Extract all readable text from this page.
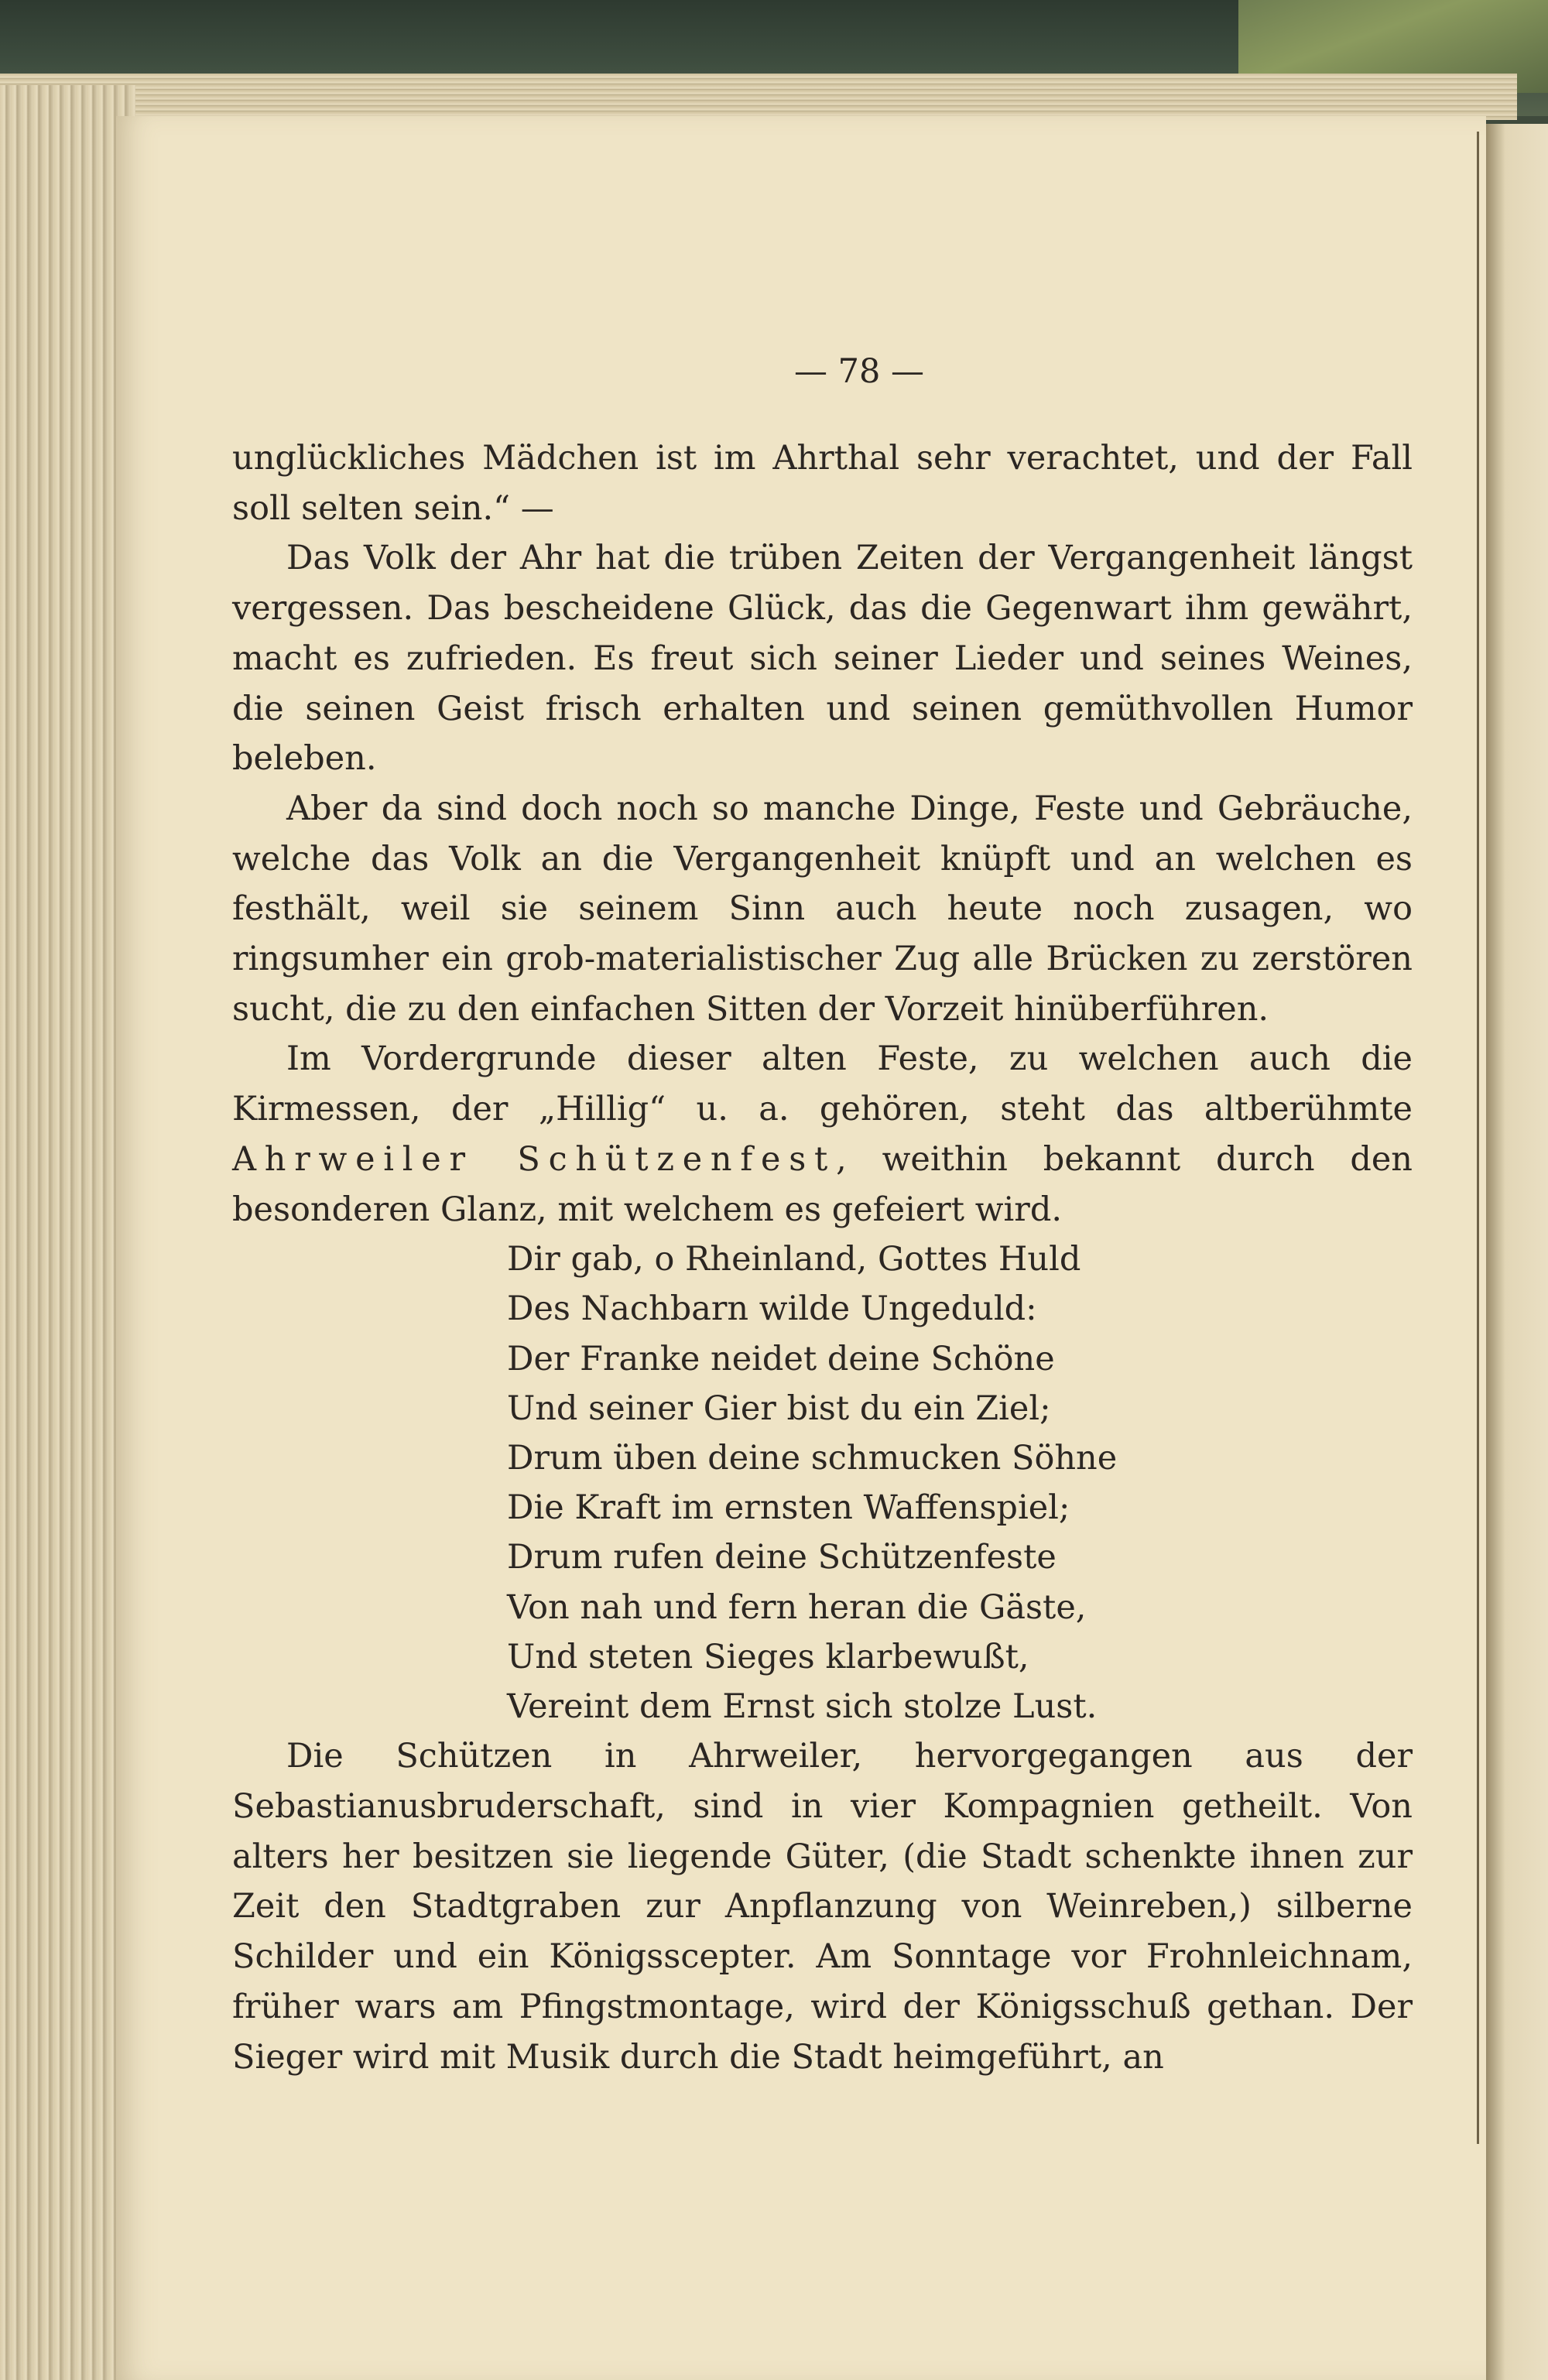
— 78 —

unglückliches Mädchen ist im Ahrthal sehr verachtet, und der Fall soll selten sein.“ —

Das Volk der Ahr hat die trüben Zeiten der Vergangenheit längst vergessen. Das bescheidene Glück, das die Gegenwart ihm gewährt, macht es zufrieden. Es freut sich seiner Lieder und seines Weines, die seinen Geist frisch erhalten und seinen gemüthvollen Humor beleben.

Aber da sind doch noch so manche Dinge, Feste und Gebräuche, welche das Volk an die Vergangenheit knüpft und an welchen es festhält, weil sie seinem Sinn auch heute noch zusagen, wo ringsumher ein grob-materialistischer Zug alle Brücken zu zerstören sucht, die zu den einfachen Sitten der Vorzeit hinüberführen.

Im Vordergrunde dieser alten Feste, zu welchen auch die Kirmessen, der „Hillig“ u. a. gehören, steht das altberühmte Ahrweiler Schützenfest, weithin bekannt durch den besonderen Glanz, mit welchem es gefeiert wird.

Dir gab, o Rheinland, Gottes Huld
Des Nachbarn wilde Ungeduld:
Der Franke neidet deine Schöne
Und seiner Gier bist du ein Ziel;
Drum üben deine schmucken Söhne
Die Kraft im ernsten Waffenspiel;
Drum rufen deine Schützenfeste
Von nah und fern heran die Gäste,
Und steten Sieges klarbewußt,
Vereint dem Ernst sich stolze Lust.

Die Schützen in Ahrweiler, hervorgegangen aus der Sebastianusbruderschaft, sind in vier Kompagnien getheilt. Von alters her besitzen sie liegende Güter, (die Stadt schenkte ihnen zur Zeit den Stadtgraben zur Anpflanzung von Weinreben,) silberne Schilder und ein Königsscepter. Am Sonntage vor Frohnleichnam, früher wars am Pfingstmontage, wird der Königsschuß gethan. Der Sieger wird mit Musik durch die Stadt heimgeführt, an
